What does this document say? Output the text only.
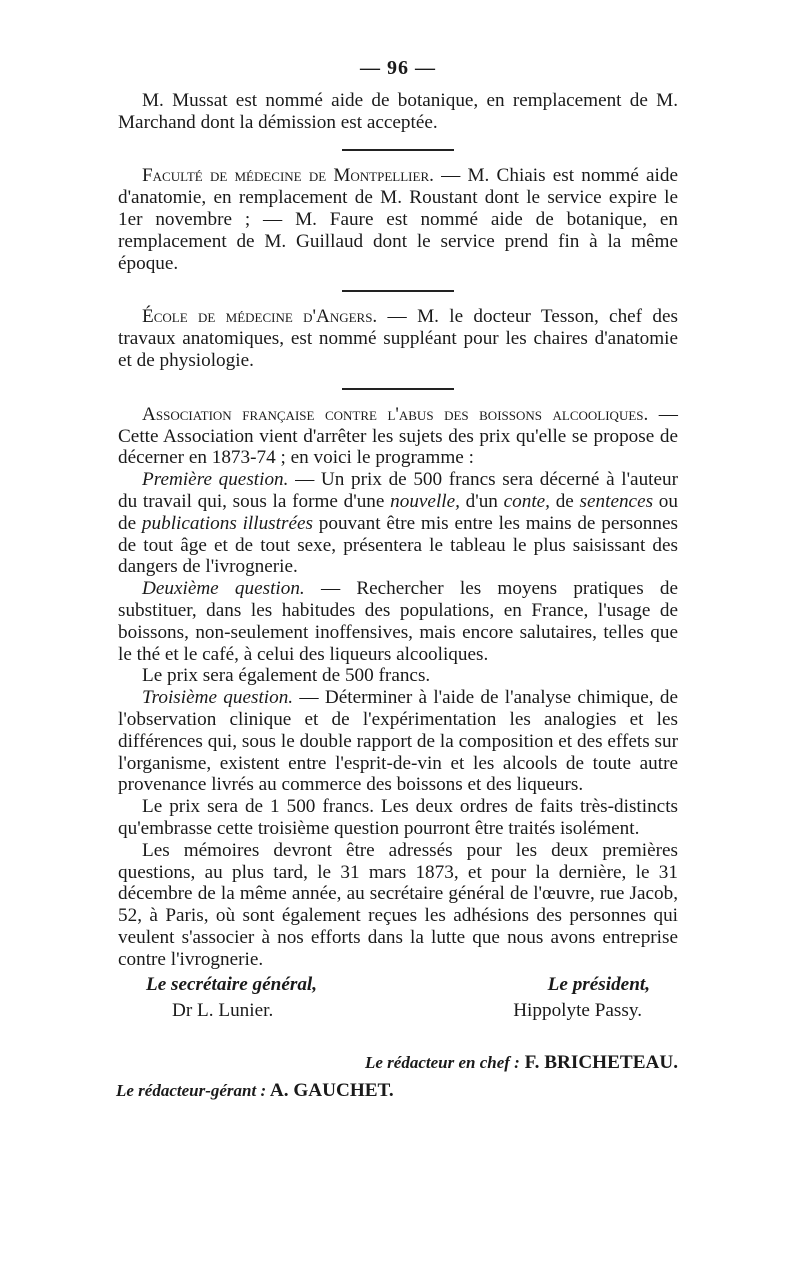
— 96 —

M. Mussat est nommé aide de botanique, en remplacement de M. Marchand dont la démission est acceptée.

Faculté de médecine de Montpellier. — M. Chiais est nommé aide d'anatomie, en remplacement de M. Roustant dont le service expire le 1er novembre ; — M. Faure est nommé aide de botanique, en remplacement de M. Guillaud dont le service prend fin à la même époque.

École de médecine d'Angers. — M. le docteur Tesson, chef des travaux anatomiques, est nommé suppléant pour les chaires d'anatomie et de physiologie.

Association française contre l'abus des boissons alcooliques. — Cette Association vient d'arrêter les sujets des prix qu'elle se propose de décerner en 1873-74 ; en voici le programme :

Première question. — Un prix de 500 francs sera décerné à l'auteur du travail qui, sous la forme d'une nouvelle, d'un conte, de sentences ou de publications illustrées pouvant être mis entre les mains de personnes de tout âge et de tout sexe, présentera le tableau le plus saisissant des dangers de l'ivrognerie.

Deuxième question. — Rechercher les moyens pratiques de substituer, dans les habitudes des populations, en France, l'usage de boissons, non-seulement inoffensives, mais encore salutaires, telles que le thé et le café, à celui des liqueurs alcooliques.

Le prix sera également de 500 francs.

Troisième question. — Déterminer à l'aide de l'analyse chimique, de l'observation clinique et de l'expérimentation les analogies et les différences qui, sous le double rapport de la composition et des effets sur l'organisme, existent entre l'esprit-de-vin et les alcools de toute autre provenance livrés au commerce des boissons et des liqueurs.

Le prix sera de 1 500 francs. Les deux ordres de faits très-distincts qu'embrasse cette troisième question pourront être traités isolément.

Les mémoires devront être adressés pour les deux premières questions, au plus tard, le 31 mars 1873, et pour la dernière, le 31 décembre de la même année, au secrétaire général de l'œuvre, rue Jacob, 52, à Paris, où sont également reçues les adhésions des personnes qui veulent s'associer à nos efforts dans la lutte que nous avons entreprise contre l'ivrognerie.

Le secrétaire général,	Le président,
Dr L. Lunier.	Hippolyte Passy.
Le rédacteur en chef : F. BRICHETEAU.
Le rédacteur-gérant : A. GAUCHET.
